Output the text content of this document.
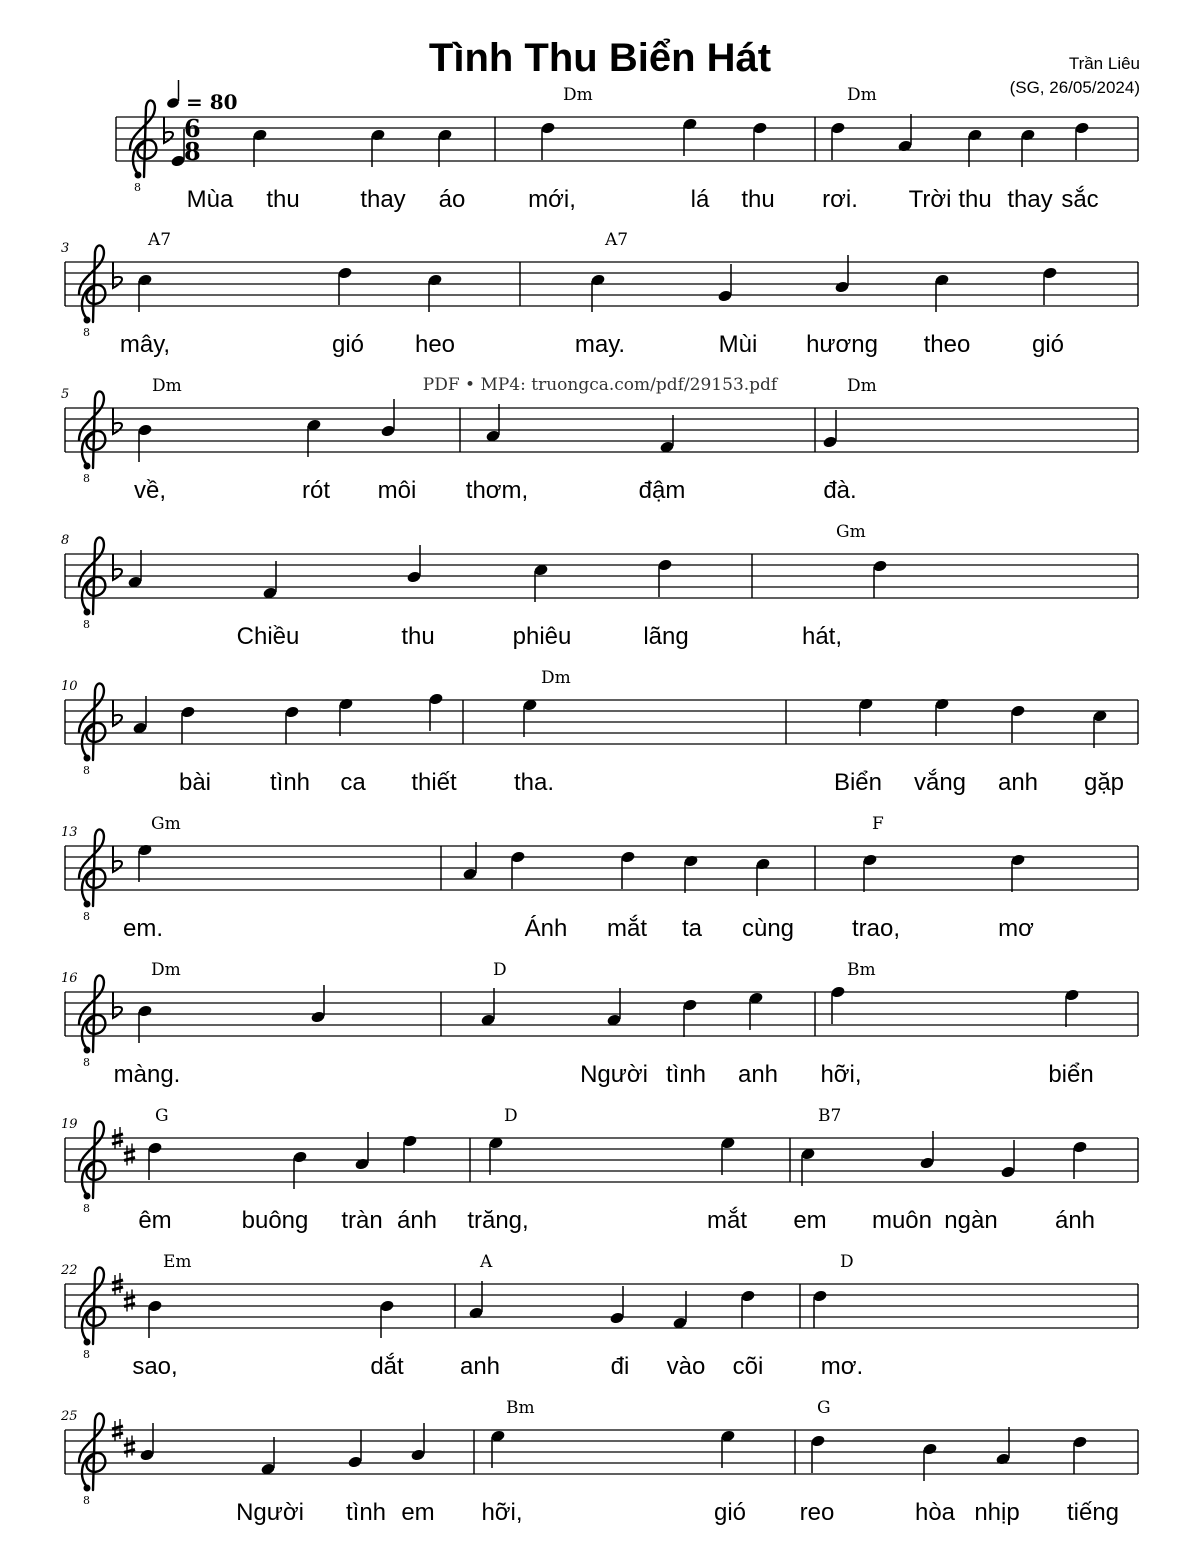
Tình Thu Biển Hát	Trần Liêu
(SG, 26/05/2024)
= 80
PDF • MP4: truongca.com/pdf/29153.pdf
8
6
8
Dm	Dm
Mùa thu	thay áo	mới,	lá thu rơi. Trời thu thay sắc
3
8
A7	A7
mây,	gió heo	may.	Mùi hương theo	gió
5
8
Dm	Dm
về,	rót môi thơm,	đậm	đà.
8
8
Gm
Chiều	thu	phiêu	lãng	hát,
10
8
Dm
bài tình ca thiết tha.	Biển vắng anh gặp
13
8
Gm	F
em.	Ánh mắt ta cùng trao,	mơ
16
8
Dm	D	Bm
màng.	Người tình anh hỡi,	biển
19
8
G	D	B7
êm	buông tràn ánh trăng,	mắt em muôn ngàn ánh
22
8
Em	A	D
sao,	dắt anh	đi vào cõi mơ.
25
8
Bm	G
Người tình em hỡi,	gió reo	hòa nhịp tiếng
